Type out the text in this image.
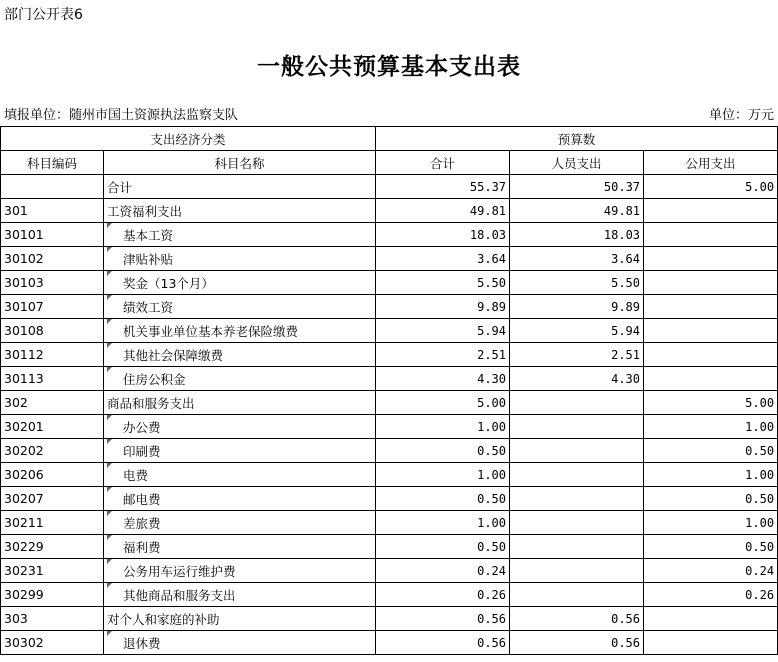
部门公开表6
一般公共预算基本支出表
填报单位：随州市国土资源执法监察支队	单位：万元
支出经济分类		预算数		
科目编码	科目名称	合计	人员支出	公用支出
	合计	55.37	50.37	5.00
301	工资福利支出	49.81	49.81	
30101	基本工资	18.03	18.03	
30102	津贴补贴	3.64	3.64	
30103	奖金（13个月）	5.50	5.50	
30107	绩效工资	9.89	9.89	
30108	机关事业单位基本养老保险缴费	5.94	5.94	
30112	其他社会保障缴费	2.51	2.51	
30113	住房公积金	4.30	4.30	
302	商品和服务支出	5.00		5.00
30201	办公费	1.00		1.00
30202	印刷费	0.50		0.50
30206	电费	1.00		1.00
30207	邮电费	0.50		0.50
30211	差旅费	1.00		1.00
30229	福利费	0.50		0.50
30231	公务用车运行维护费	0.24		0.24
30299	其他商品和服务支出	0.26		0.26
303	对个人和家庭的补助	0.56	0.56	
30302	退休费	0.56	0.56	
